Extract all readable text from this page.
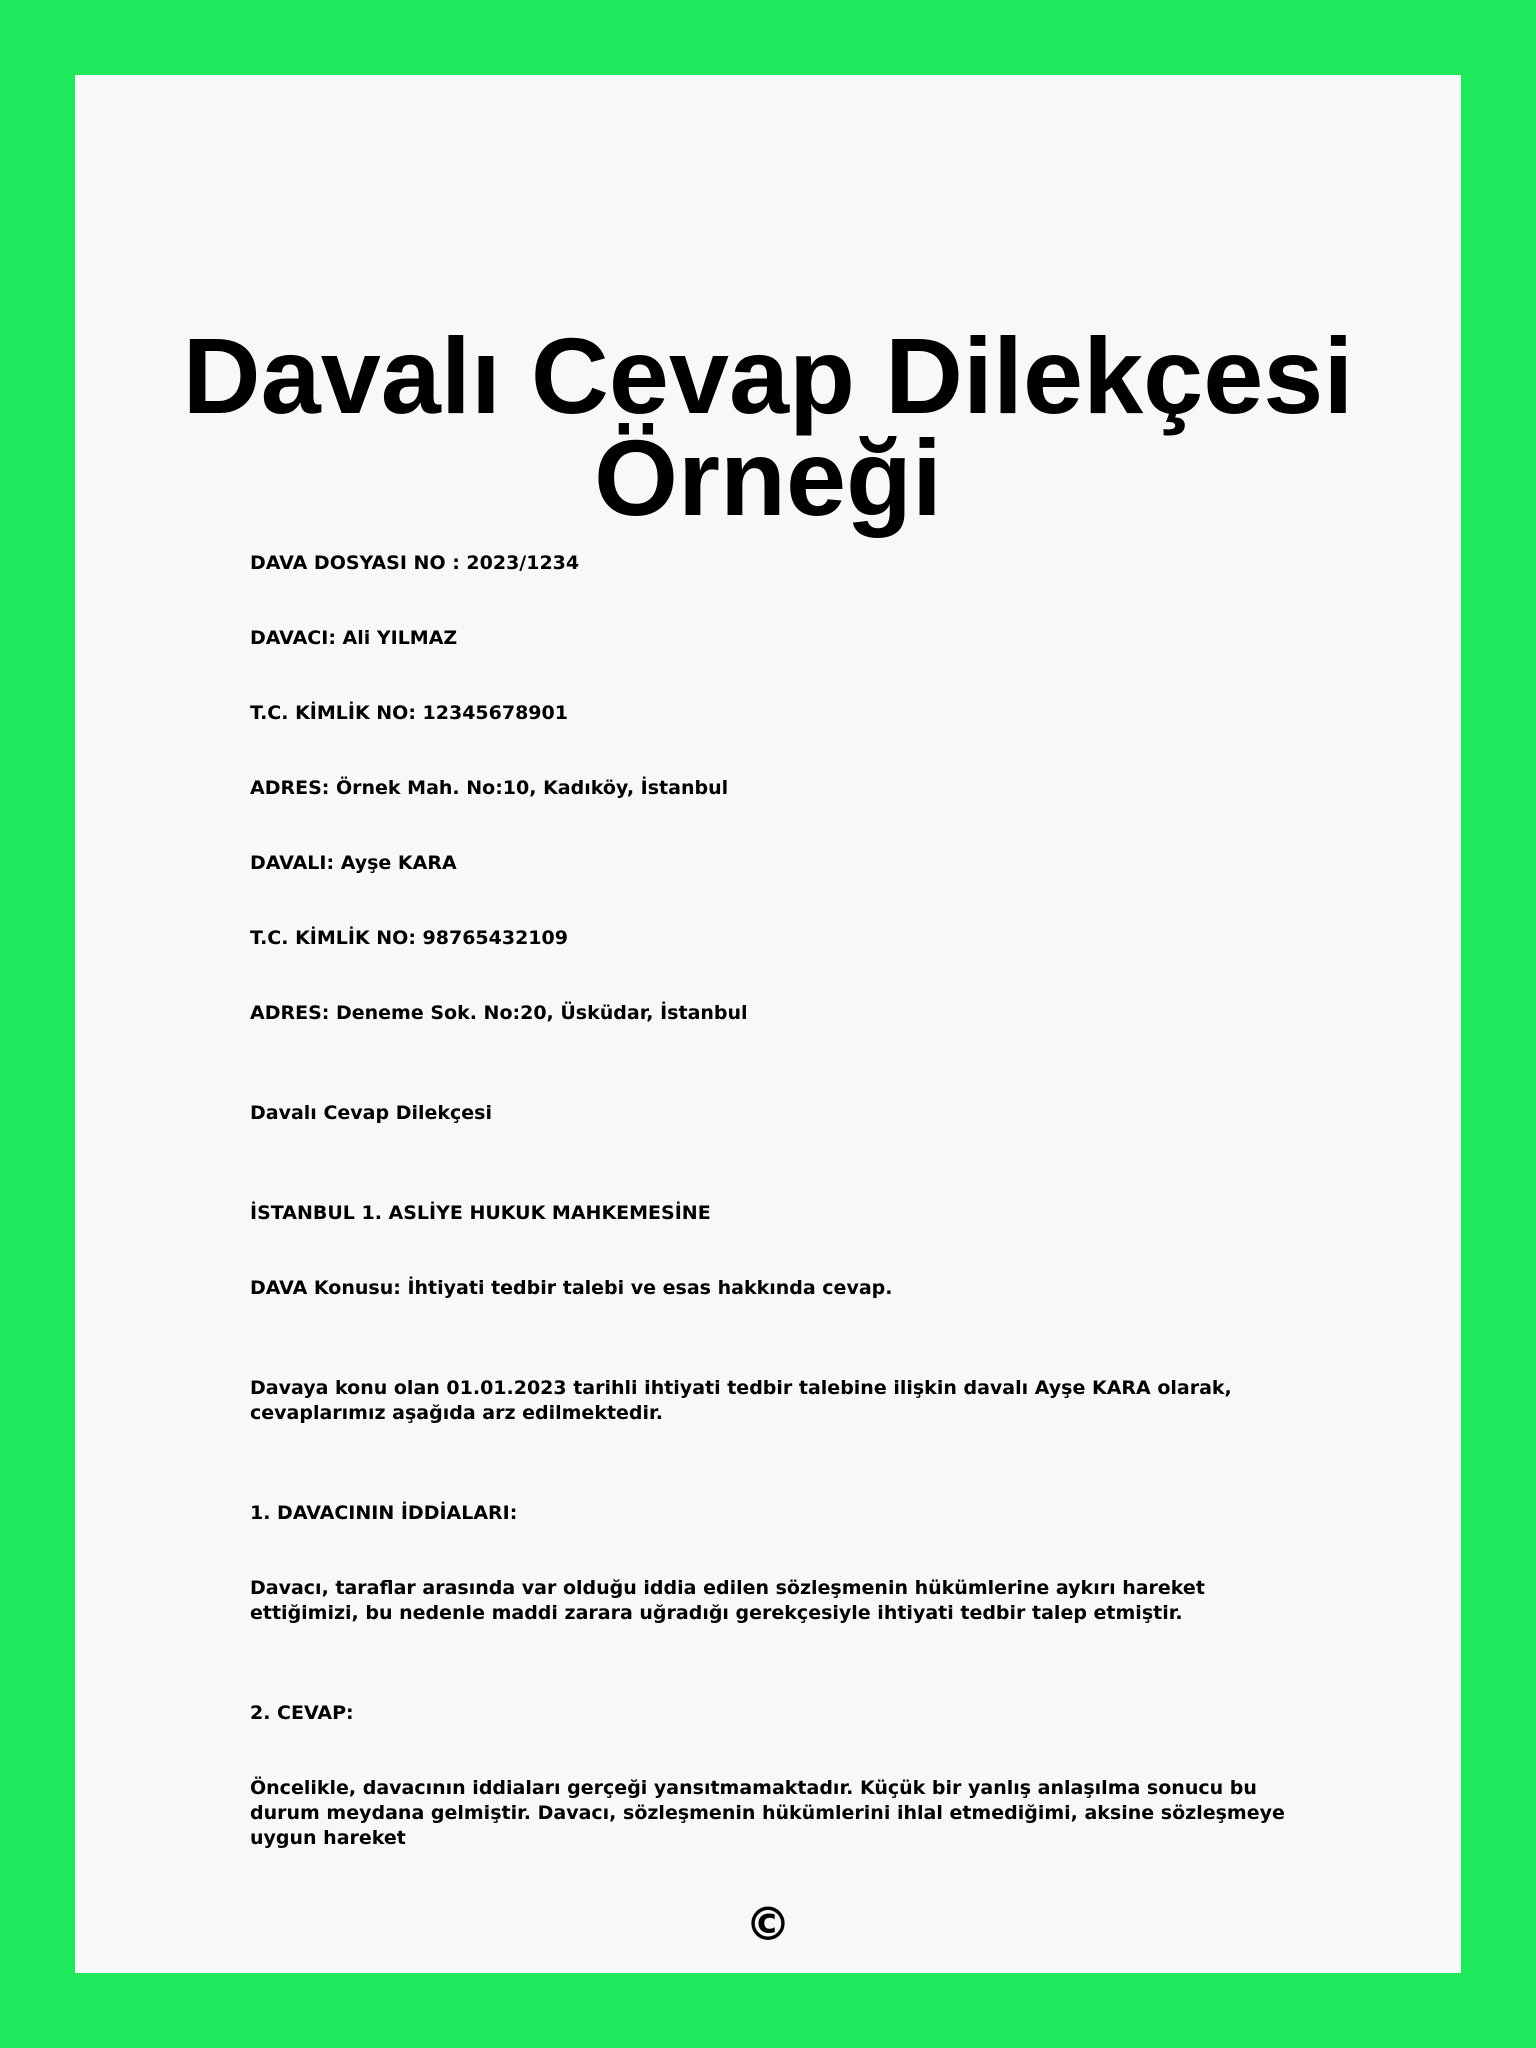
Davalı Cevap Dilekçesi Örneği

DAVA DOSYASI NO : 2023/1234

DAVACI: Ali YILMAZ

T.C. KİMLİK NO: 12345678901

ADRES: Örnek Mah. No:10, Kadıköy, İstanbul

DAVALI: Ayşe KARA

T.C. KİMLİK NO: 98765432109

ADRES: Deneme Sok. No:20, Üsküdar, İstanbul

Davalı Cevap Dilekçesi

İSTANBUL 1. ASLİYE HUKUK MAHKEMESİNE

DAVA Konusu: İhtiyati tedbir talebi ve esas hakkında cevap.

Davaya konu olan 01.01.2023 tarihli ihtiyati tedbir talebine ilişkin davalı Ayşe KARA olarak, cevaplarımız aşağıda arz edilmektedir.

1. DAVACININ İDDİALARI:

Davacı, taraflar arasında var olduğu iddia edilen sözleşmenin hükümlerine aykırı hareket ettiğimizi, bu nedenle maddi zarara uğradığı gerekçesiyle ihtiyati tedbir talep etmiştir.

2. CEVAP:

Öncelikle, davacının iddiaları gerçeği yansıtmamaktadır. Küçük bir yanlış anlaşılma sonucu bu durum meydana gelmiştir. Davacı, sözleşmenin hükümlerini ihlal etmediğimi, aksine sözleşmeye uygun hareket

©
